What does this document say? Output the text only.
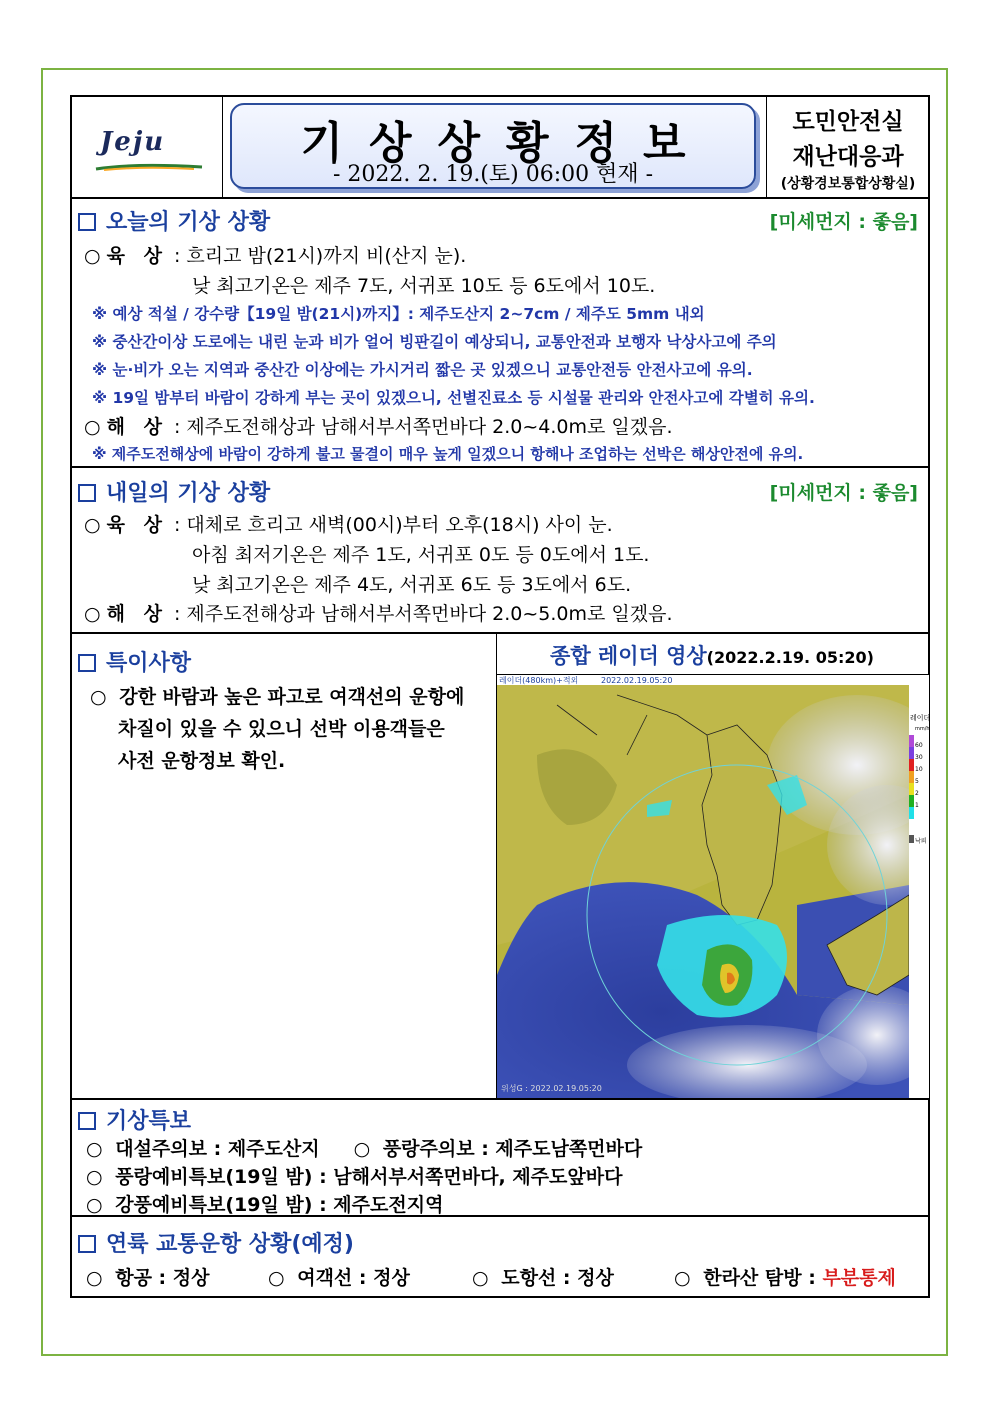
Jeju	기상상황정보
- 2022. 2. 19.(토) 06:00 현재 -
도민안전실
재난대응과
(상황경보통합상황실)
오늘의 기상 상황	[미세먼지 : 좋음]
○ 육 상 : 흐리고 밤(21시)까지 비(산지 눈).
낮 최고기온은 제주 7도, 서귀포 10도 등 6도에서 10도.
※ 예상 적설 / 강수량【19일 밤(21시)까지】: 제주도산지 2~7cm / 제주도 5mm 내외
※ 중산간이상 도로에는 내린 눈과 비가 얼어 빙판길이 예상되니, 교통안전과 보행자 낙상사고에 주의
※ 눈·비가 오는 지역과 중산간 이상에는 가시거리 짧은 곳 있겠으니 교통안전등 안전사고에 유의.
※ 19일 밤부터 바람이 강하게 부는 곳이 있겠으니, 선별진료소 등 시설물 관리와 안전사고에 각별히 유의.
○ 해 상 : 제주도전해상과 남해서부서쪽먼바다 2.0~4.0m로 일겠음.
※ 제주도전해상에 바람이 강하게 불고 물결이 매우 높게 일겠으니 항해나 조업하는 선박은 해상안전에 유의.
내일의 기상 상황	[미세먼지 : 좋음]
○ 육 상 : 대체로 흐리고 새벽(00시)부터 오후(18시) 사이 눈.
아침 최저기온은 제주 1도, 서귀포 0도 등 0도에서 1도.
낮 최고기온은 제주 4도, 서귀포 6도 등 3도에서 6도.
○ 해 상 : 제주도전해상과 남해서부서쪽먼바다 2.0~5.0m로 일겠음.
특이사항
○ 강한 바람과 높은 파고로 여객선의 운항에
차질이 있을 수 있으니 선박 이용객들은
사전 운항정보 확인.
종합 레이더 영상(2022.2.19. 05:20)
레이더
mm/h
60
30
10
5
2
1
낙뢰
레이더(480km)+적외	2022.02.19.05:20
위성G : 2022.02.19.05:20
기상특보
○ 대설주의보 : 제주도산지 ○ 풍랑주의보 : 제주도남쪽먼바다
○ 풍랑예비특보(19일 밤) : 남해서부서쪽먼바다, 제주도앞바다
○ 강풍예비특보(19일 밤) : 제주도전지역
연륙 교통운항 상황(예정)
○ 항공 : 정상	○ 여객선 : 정상	○ 도항선 : 정상	○ 한라산 탐방 : 부분통제
